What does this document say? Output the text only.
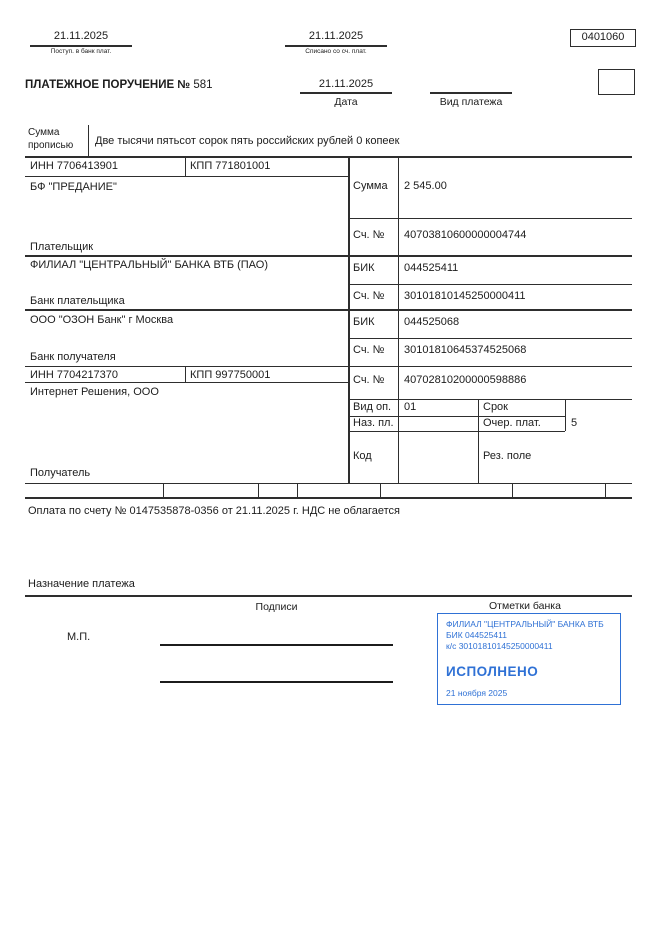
21.11.2025
Поступ. в банк плат.
21.11.2025
Списано со сч. плат.
0401060
ПЛАТЕЖНОЕ ПОРУЧЕНИЕ № 581	21.11.2025
Дата	Вид платежа
Сумма прописью	Две тысячи пятьсот сорок пять российских рублей 0 копеек
ИНН 7706413901	КПП 771801001
БФ "ПРЕДАНИЕ"
Плательщик
ФИЛИАЛ "ЦЕНТРАЛЬНЫЙ" БАНКА ВТБ (ПАО)
Банк плательщика
ООО "ОЗОН Банк" г Москва
Банк получателя
ИНН 7704217370	КПП 997750001
Интернет Решения, ООО
Получатель
Сумма 2 545.00
Сч. № 40703810600000004744
БИК	044525411
Сч. № 30101810145250000411
БИК	044525068
Сч. № 30101810645374525068
Сч. № 40702810200000598886
Вид оп. 01	Срок
Наз. пл.	Очер. плат.	5
Код	Рез. поле
Оплата по счету № 0147535878-0356 от 21.11.2025 г. НДС не облагается
Назначение платежа
Подписи	Отметки банка
М.П.
ФИЛИАЛ "ЦЕНТРАЛЬНЫЙ" БАНКА ВТБ
БИК 044525411
к/с 30101810145250000411
ИСПОЛНЕНО
21 ноября 2025
